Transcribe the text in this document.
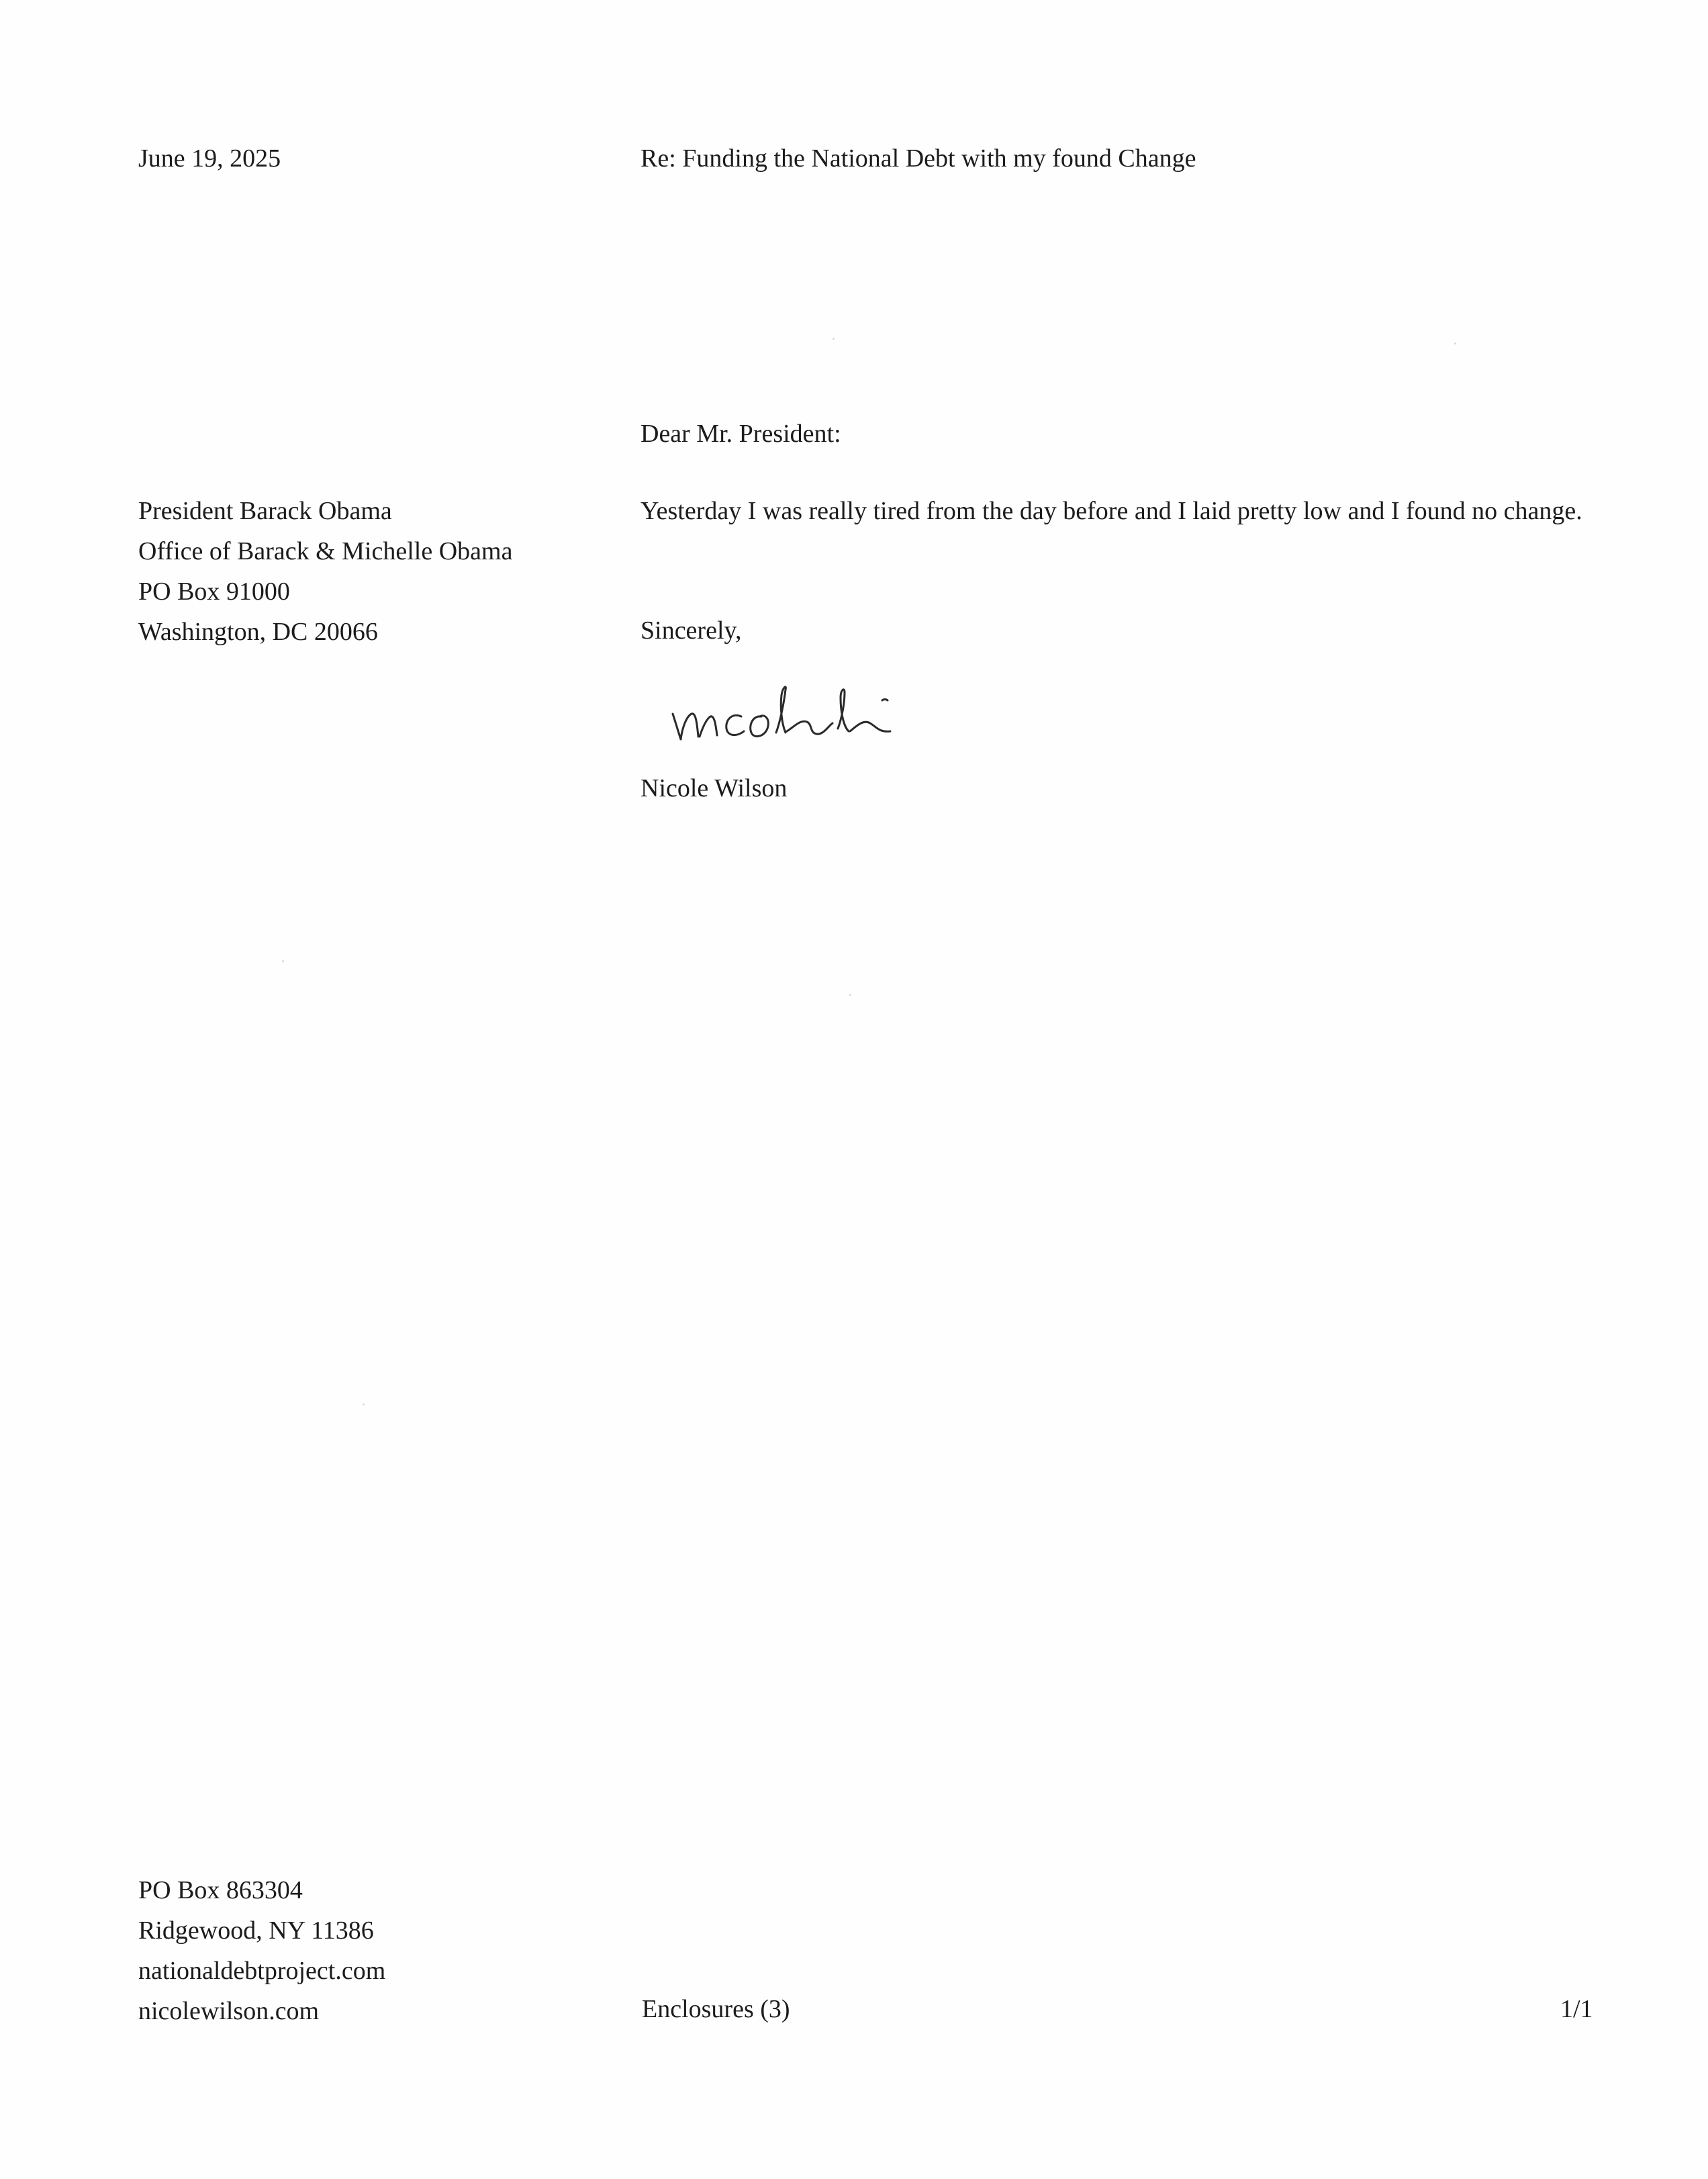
June 19, 2025	Re: Funding the National Debt with my found Change

Dear Mr. President:

President Barack Obama
Office of Barack & Michelle Obama
PO Box 91000
Washington, DC 20066

Yesterday I was really tired from the day before and I laid pretty low and I found no change.

Sincerely,

Nicole Wilson

PO Box 863304
Ridgewood, NY 11386
nationaldebtproject.com
nicolewilson.com	Enclosures (3)	1/1
